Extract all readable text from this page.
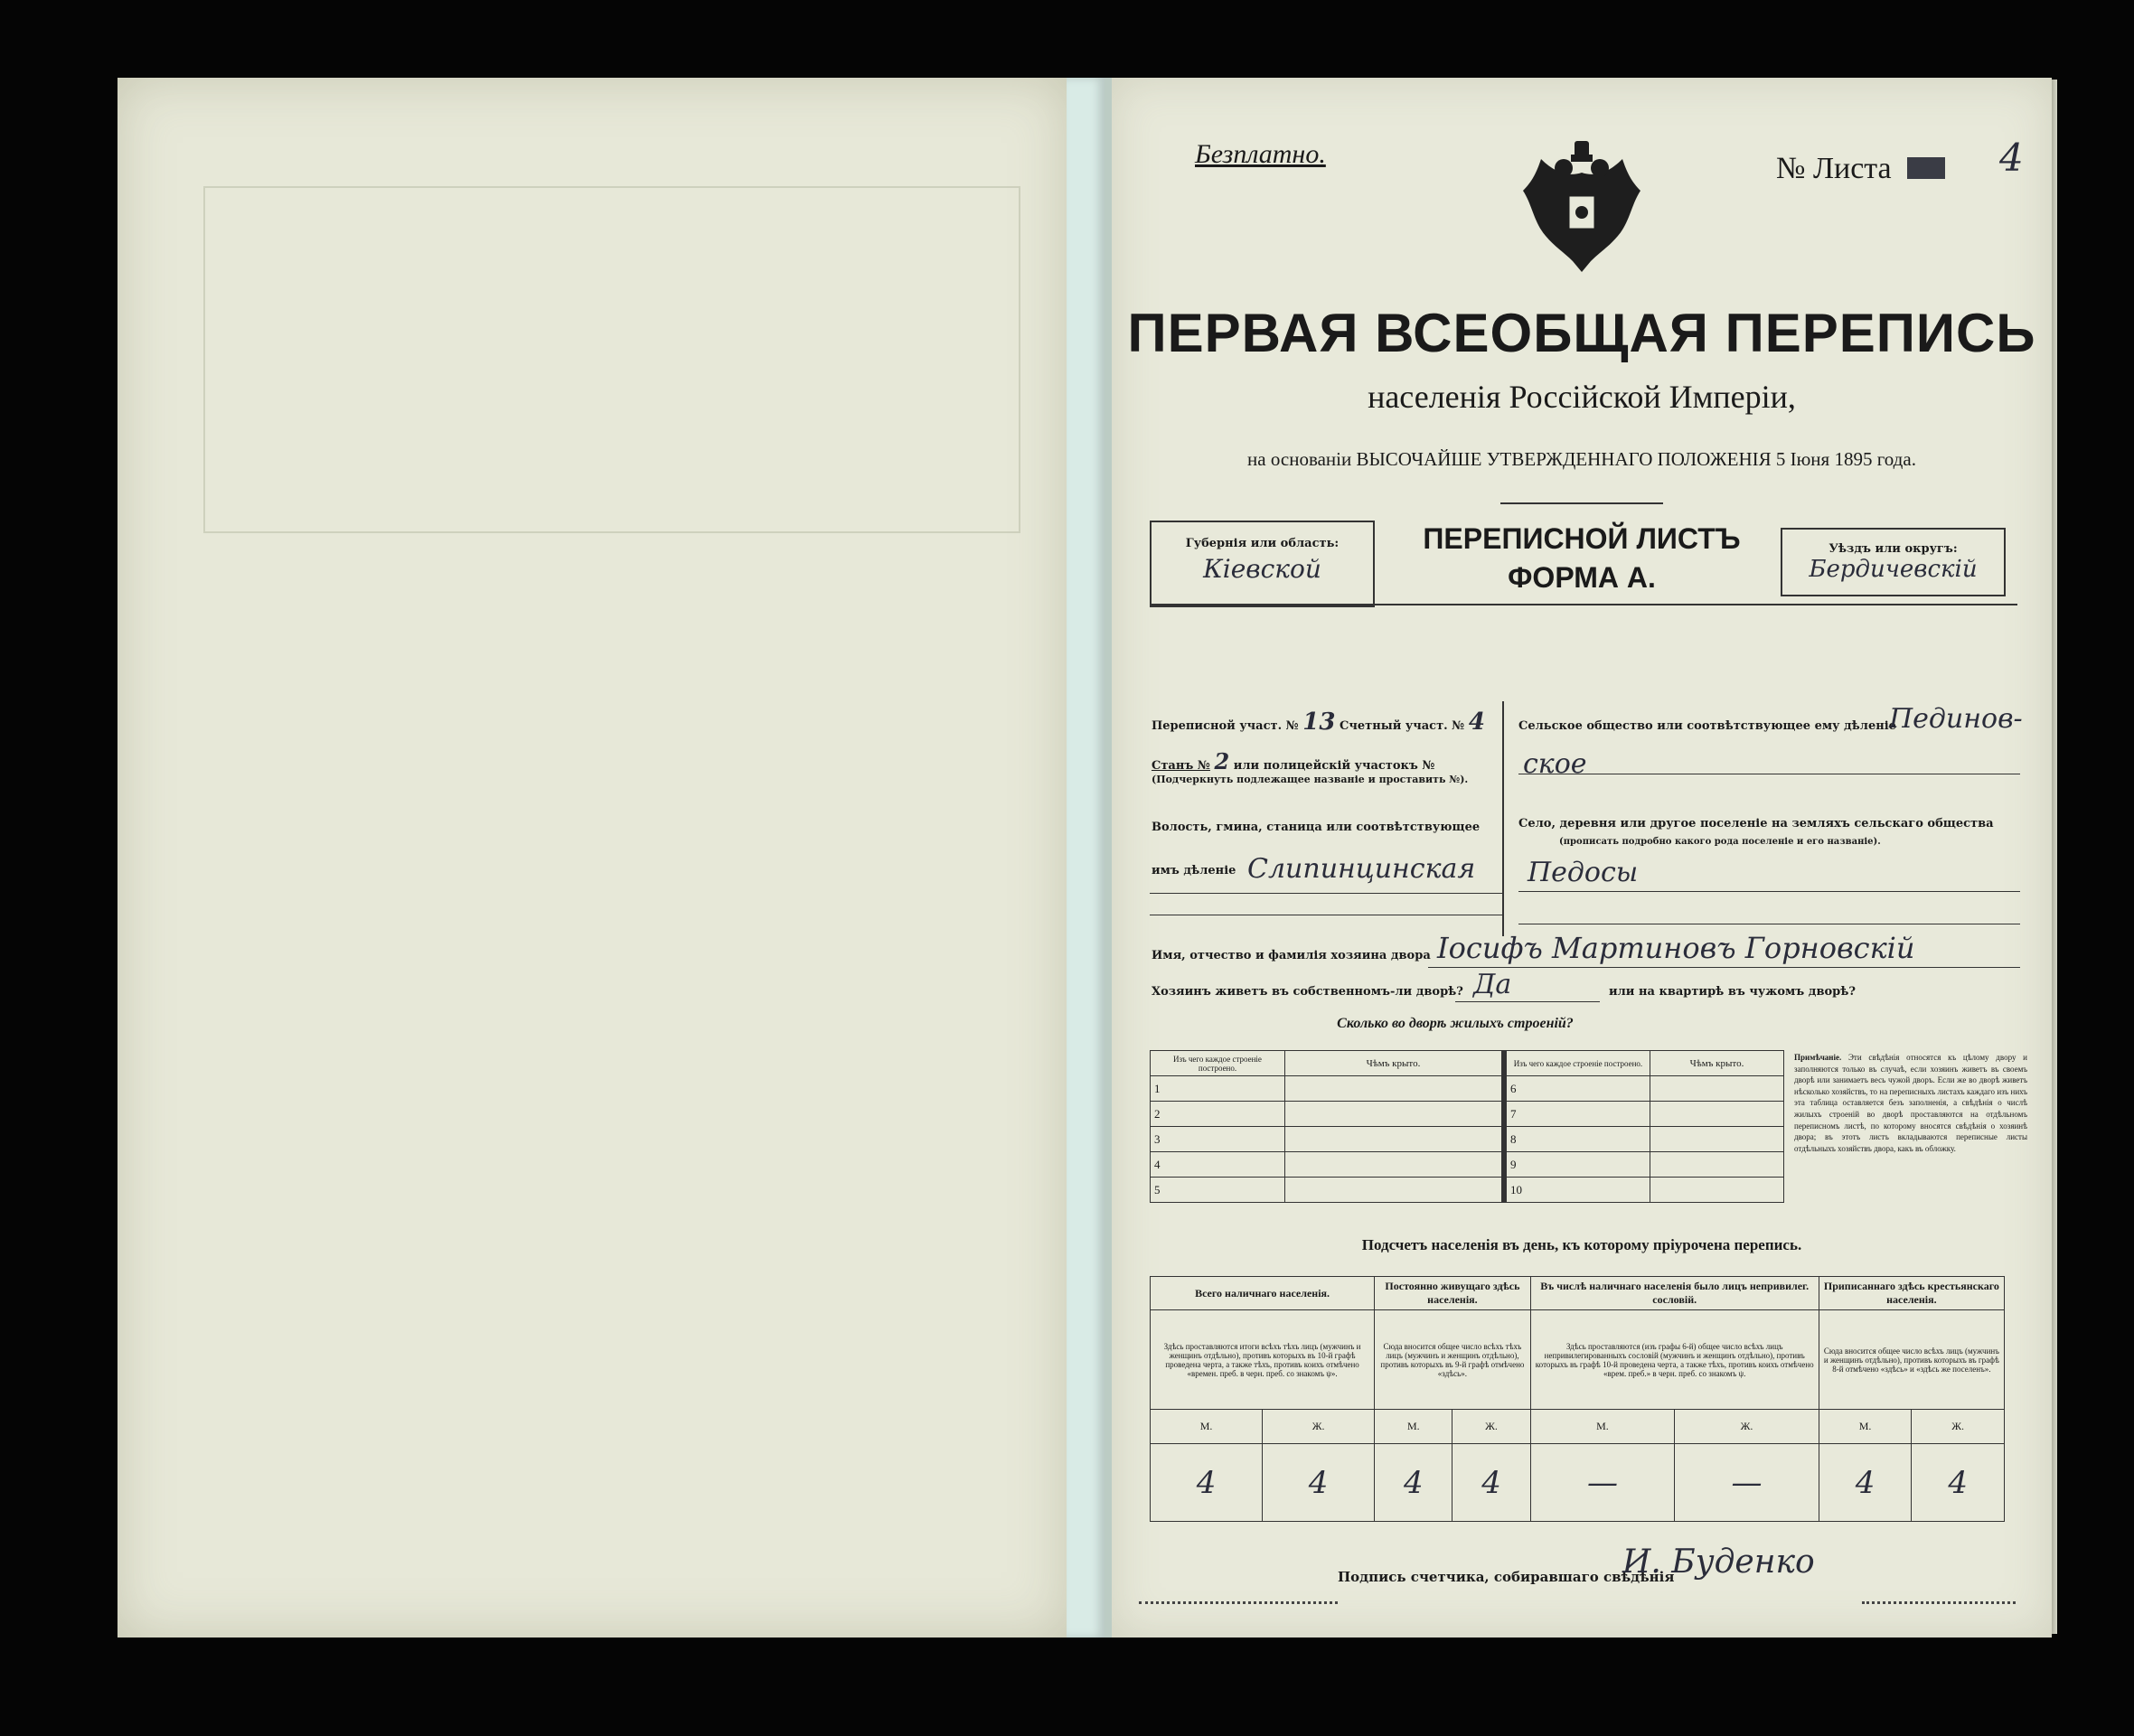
Безплатно.	№ Листа	4
ПЕРВАЯ ВСЕОБЩАЯ ПЕРЕПИСЬ
населенія Россійской Имперіи,
на основаніи ВЫСОЧАЙШЕ УТВЕРЖДЕННАГО ПОЛОЖЕНІЯ 5 Іюня 1895 года.
Губернія или область:
Кіевской
ПЕРЕПИСНОЙ ЛИСТЪ
ФОРМА А.
Уѣздъ или округъ:
Бердичевскій
Переписной участ. № 13 Счетный участ. № 4
Станъ № 2 или полицейскій участокъ №
(Подчеркнуть подлежащее названіе и проставить №).
Волость, гмина, станица или соотвѣтствующее
имъ дѣленіе Слипинцинская
Сельское общество или соотвѣтствующее ему дѣленіе
Пединов-
ское
Село, деревня или другое поселеніе на земляхъ сельскаго общества
(прописать подробно какого рода поселеніе и его названіе).
Педосы
Имя, отчество и фамилія хозяина двора Іосифъ Мартиновъ Горновскій
Хозяинъ живетъ въ собственномъ-ли дворѣ? Да	или на квартирѣ въ чужомъ дворѣ?
Сколько во дворѣ жилыхъ строеній?
Изъ чего каждое строеніе построено.	Чѣмъ крыто.
1	
2	
3	
4	
5	
Изъ чего каждое строеніе построено.	Чѣмъ крыто.
6	
7	
8	
9	
10	
Примѣчаніе. Эти свѣдѣнія относятся къ цѣлому двору и заполняются только въ случаѣ, если хозяинъ живетъ въ своемъ дворѣ или занимаетъ весь чужой дворъ. Если же во дворѣ живетъ нѣсколько хозяйствъ, то на переписныхъ листахъ каждаго изъ нихъ эта таблица оставляется безъ заполненія, а свѣдѣнія о числѣ жилыхъ строеній во дворѣ проставляются на отдѣльномъ переписномъ листѣ, по которому вносятся свѣдѣнія о хозяинѣ двора; въ этотъ листъ вкладываются переписные листы отдѣльныхъ хозяйствъ двора, какъ въ обложку.
Подсчетъ населенія въ день, къ которому пріурочена перепись.
Всего наличнаго населенія.		Постоянно живущаго здѣсь населенія.		Въ числѣ наличнаго населенія было лицъ непривилег. сословій.		Приписаннаго здѣсь крестьянскаго населенія.	
Здѣсь проставляются итоги всѣхъ тѣхъ лицъ (мужчинъ и женщинъ отдѣльно), противъ которыхъ въ 10-й графѣ проведена черта, а также тѣхъ, противъ коихъ отмѣчено «времен. преб. в черн. преб. со знакомъ ψ».		Сюда вносится общее число всѣхъ тѣхъ лицъ (мужчинъ и женщинъ отдѣльно), противъ которыхъ въ 9-й графѣ отмѣчено «здѣсь».		Здѣсь проставляются (изъ графы 6-й) общее число всѣхъ лицъ непривилегированныхъ сословій (мужчинъ и женщинъ отдѣльно), противъ которыхъ въ графѣ 10-й проведена черта, а также тѣхъ, противъ коихъ отмѣчено «врем. преб.» в черн. преб. со знакомъ ψ.		Сюда вносится общее число всѣхъ лицъ (мужчинъ и женщинъ отдѣльно), противъ которыхъ въ графѣ 8-й отмѣчено «здѣсь» и «здѣсь же поселенъ».	
М.	Ж.	М.	Ж.	М.	Ж.	М.	Ж.
4	4	4	4	—	—	4	4
Подпись счетчика, собиравшаго свѣдѣнія
И. Буденко
